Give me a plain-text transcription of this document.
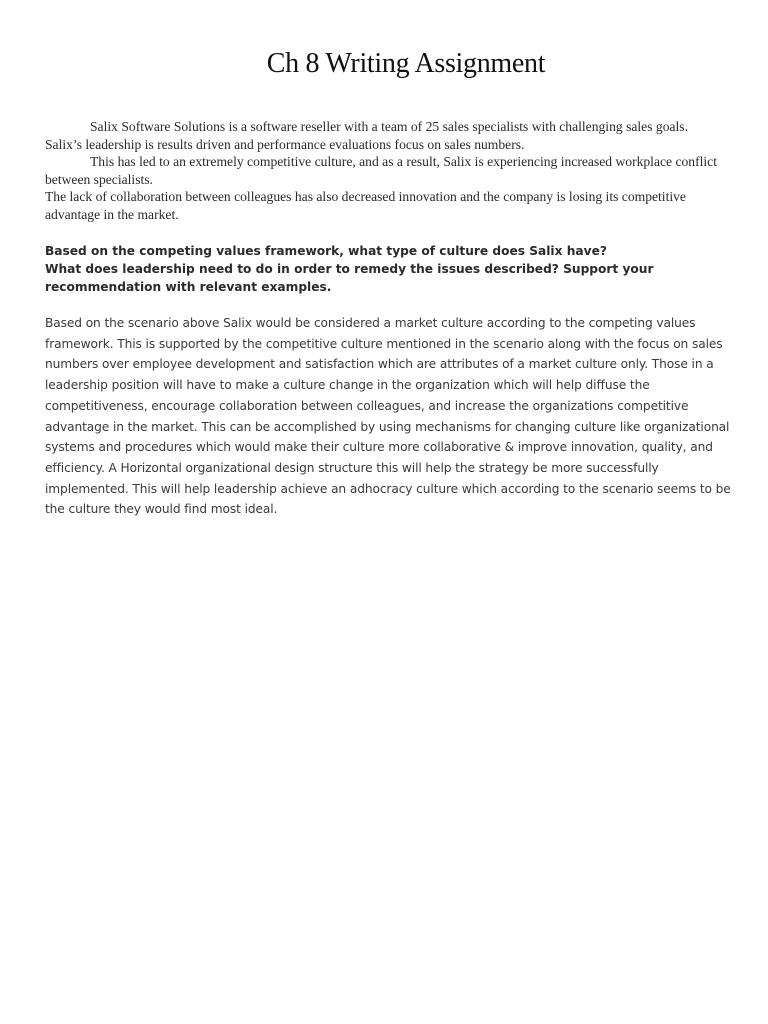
Ch 8 Writing Assignment

Salix Software Solutions is a software reseller with a team of 25 sales specialists with challenging sales goals. Salix’s leadership is results driven and performance evaluations focus on sales numbers.

This has led to an extremely competitive culture, and as a result, Salix is experiencing increased workplace conflict between specialists.

The lack of collaboration between colleagues has also decreased innovation and the company is losing its competitive advantage in the market.

Based on the competing values framework, what type of culture does Salix have?

What does leadership need to do in order to remedy the issues described? Support your recommendation with relevant examples.

Based on the scenario above Salix would be considered a market culture according to the competing values framework. This is supported by the competitive culture mentioned in the scenario along with the focus on sales numbers over employee development and satisfaction which are attributes of a market culture only. Those in a leadership position will have to make a culture change in the organization which will help diffuse the competitiveness, encourage collaboration between colleagues, and increase the organizations competitive advantage in the market. This can be accomplished by using mechanisms for changing culture like organizational systems and procedures which would make their culture more collaborative & improve innovation, quality, and efficiency. A Horizontal organizational design structure this will help the strategy be more successfully implemented. This will help leadership achieve an adhocracy culture which according to the scenario seems to be the culture they would find most ideal.
